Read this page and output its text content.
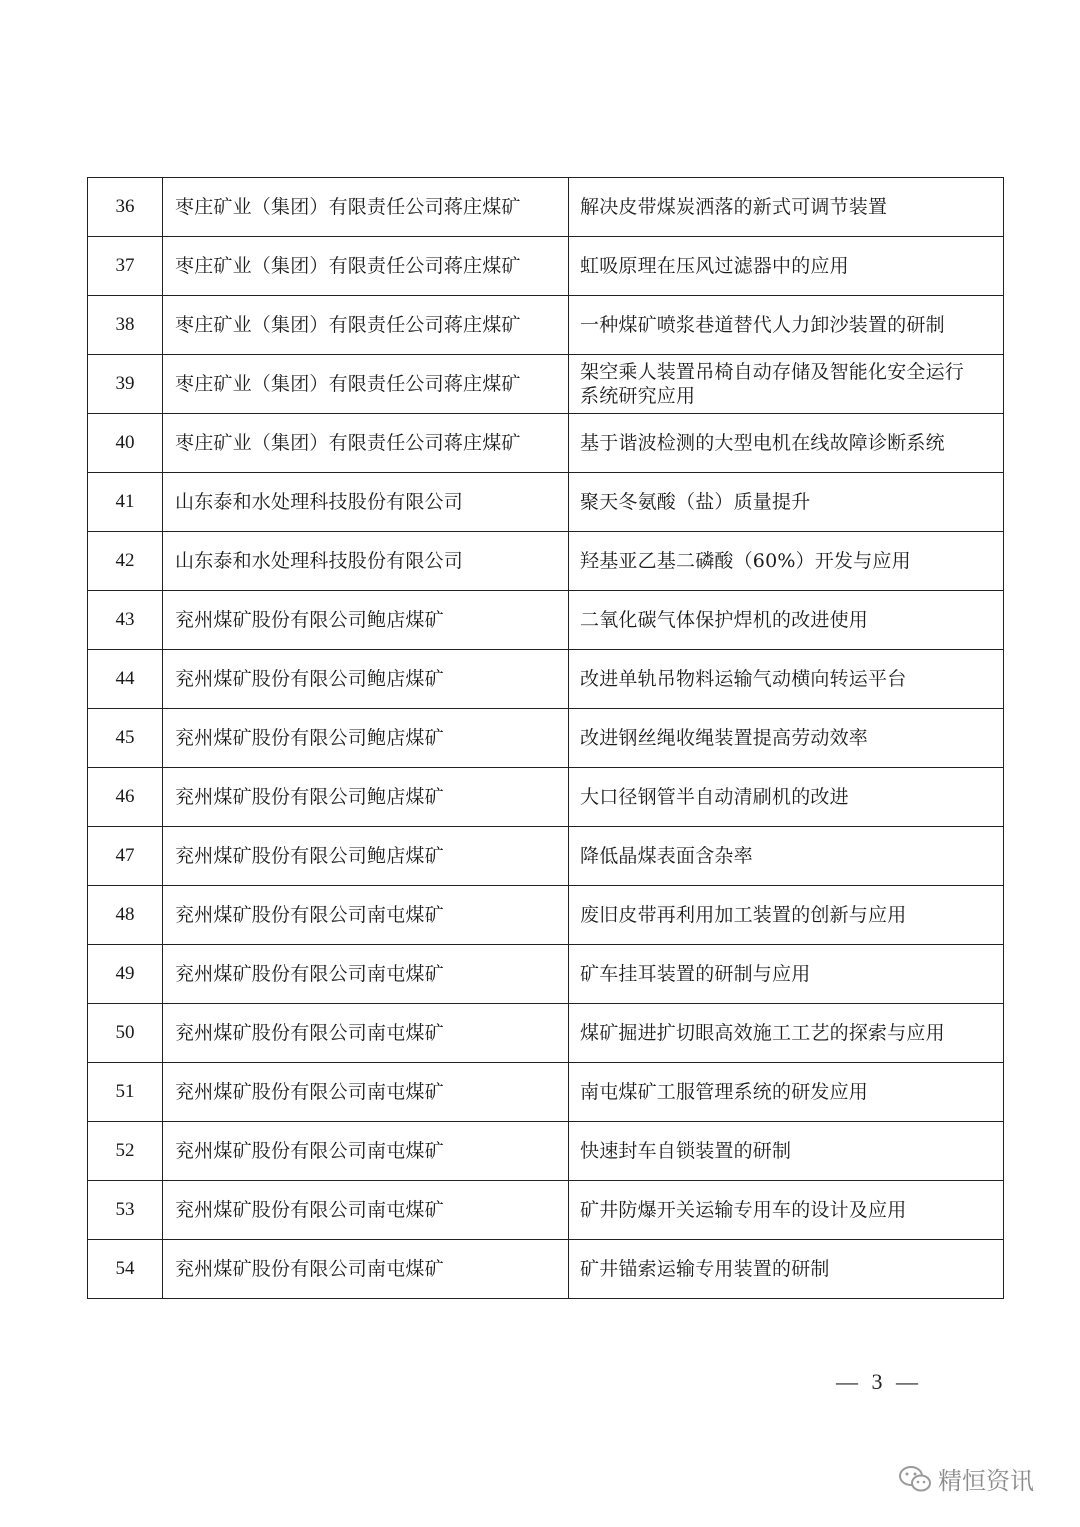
36	枣庄矿业（集团）有限责任公司蒋庄煤矿	解决皮带煤炭洒落的新式可调节装置
37	枣庄矿业（集团）有限责任公司蒋庄煤矿	虹吸原理在压风过滤器中的应用
38	枣庄矿业（集团）有限责任公司蒋庄煤矿	一种煤矿喷浆巷道替代人力卸沙装置的研制
39	枣庄矿业（集团）有限责任公司蒋庄煤矿	架空乘人装置吊椅自动存储及智能化安全运行系统研究应用
40	枣庄矿业（集团）有限责任公司蒋庄煤矿	基于谐波检测的大型电机在线故障诊断系统
41	山东泰和水处理科技股份有限公司	聚天冬氨酸（盐）质量提升
42	山东泰和水处理科技股份有限公司	羟基亚乙基二磷酸（60%）开发与应用
43	兖州煤矿股份有限公司鲍店煤矿	二氧化碳气体保护焊机的改进使用
44	兖州煤矿股份有限公司鲍店煤矿	改进单轨吊物料运输气动横向转运平台
45	兖州煤矿股份有限公司鲍店煤矿	改进钢丝绳收绳装置提高劳动效率
46	兖州煤矿股份有限公司鲍店煤矿	大口径钢管半自动清刷机的改进
47	兖州煤矿股份有限公司鲍店煤矿	降低晶煤表面含杂率
48	兖州煤矿股份有限公司南屯煤矿	废旧皮带再利用加工装置的创新与应用
49	兖州煤矿股份有限公司南屯煤矿	矿车挂耳装置的研制与应用
50	兖州煤矿股份有限公司南屯煤矿	煤矿掘进扩切眼高效施工工艺的探索与应用
51	兖州煤矿股份有限公司南屯煤矿	南屯煤矿工服管理系统的研发应用
52	兖州煤矿股份有限公司南屯煤矿	快速封车自锁装置的研制
53	兖州煤矿股份有限公司南屯煤矿	矿井防爆开关运输专用车的设计及应用
54	兖州煤矿股份有限公司南屯煤矿	矿井锚索运输专用装置的研制
— 3 —
精恒资讯
